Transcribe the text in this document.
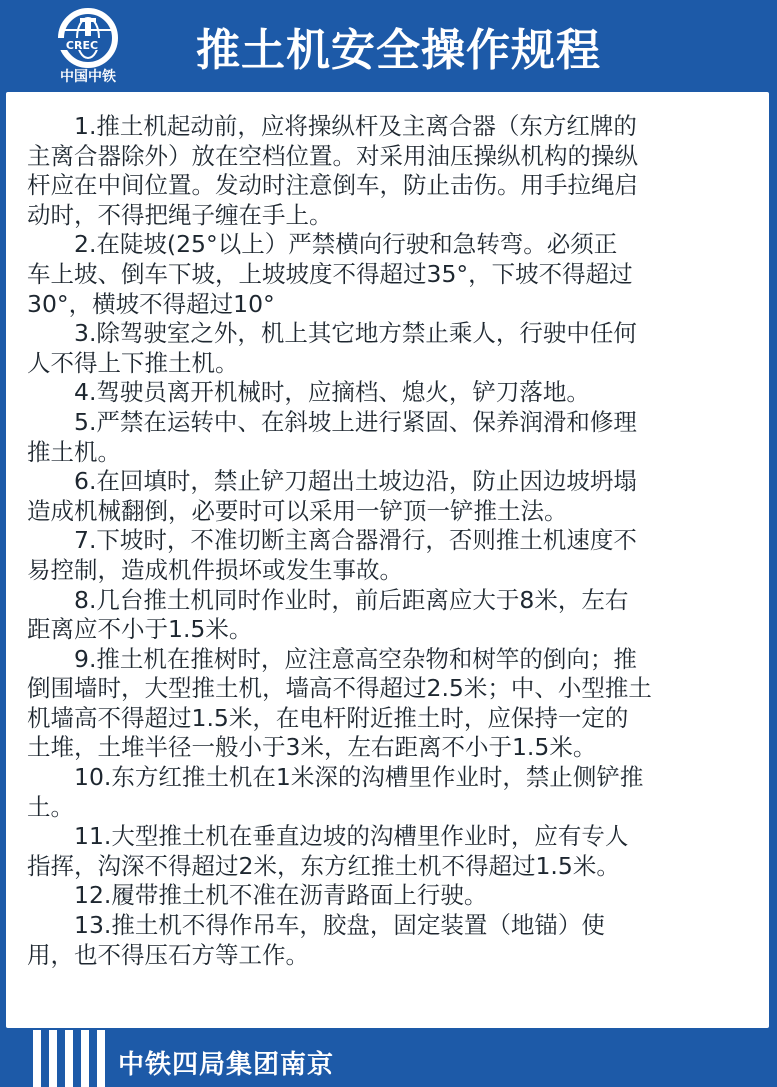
CREC
中国中铁
推土机安全操作规程
　　1.推土机起动前，应将操纵杆及主离合器（东方红牌的
主离合器除外）放在空档位置。对采用油压操纵机构的操纵
杆应在中间位置。发动时注意倒车，防止击伤。用手拉绳启
动时，不得把绳子缠在手上。
　　2.在陡坡(25°以上）严禁横向行驶和急转弯。必须正
车上坡、倒车下坡，上坡坡度不得超过35°，下坡不得超过
30°，横坡不得超过10°
　　3.除驾驶室之外，机上其它地方禁止乘人，行驶中任何
人不得上下推土机。
　　4.驾驶员离开机械时，应摘档、熄火，铲刀落地。
　　5.严禁在运转中、在斜坡上进行紧固、保养润滑和修理
推土机。
　　6.在回填时，禁止铲刀超出土坡边沿，防止因边坡坍塌
造成机械翻倒，必要时可以采用一铲顶一铲推土法。
　　7.下坡时，不准切断主离合器滑行，否则推土机速度不
易控制，造成机件损坏或发生事故。
　　8.几台推土机同时作业时，前后距离应大于8米，左右
距离应不小于1.5米。
　　9.推土机在推树时，应注意高空杂物和树竿的倒向；推
倒围墙时，大型推土机，墙高不得超过2.5米；中、小型推土
机墙高不得超过1.5米，在电杆附近推土时，应保持一定的
土堆，土堆半径一般小于3米，左右距离不小于1.5米。
　　10.东方红推土机在1米深的沟槽里作业时，禁止侧铲推
土。
　　11.大型推土机在垂直边坡的沟槽里作业时，应有专人
指挥，沟深不得超过2米，东方红推土机不得超过1.5米。
　　12.履带推土机不准在沥青路面上行驶。
　　13.推土机不得作吊车，胶盘，固定装置（地锚）使
用，也不得压石方等工作。
中铁四局集团南京
